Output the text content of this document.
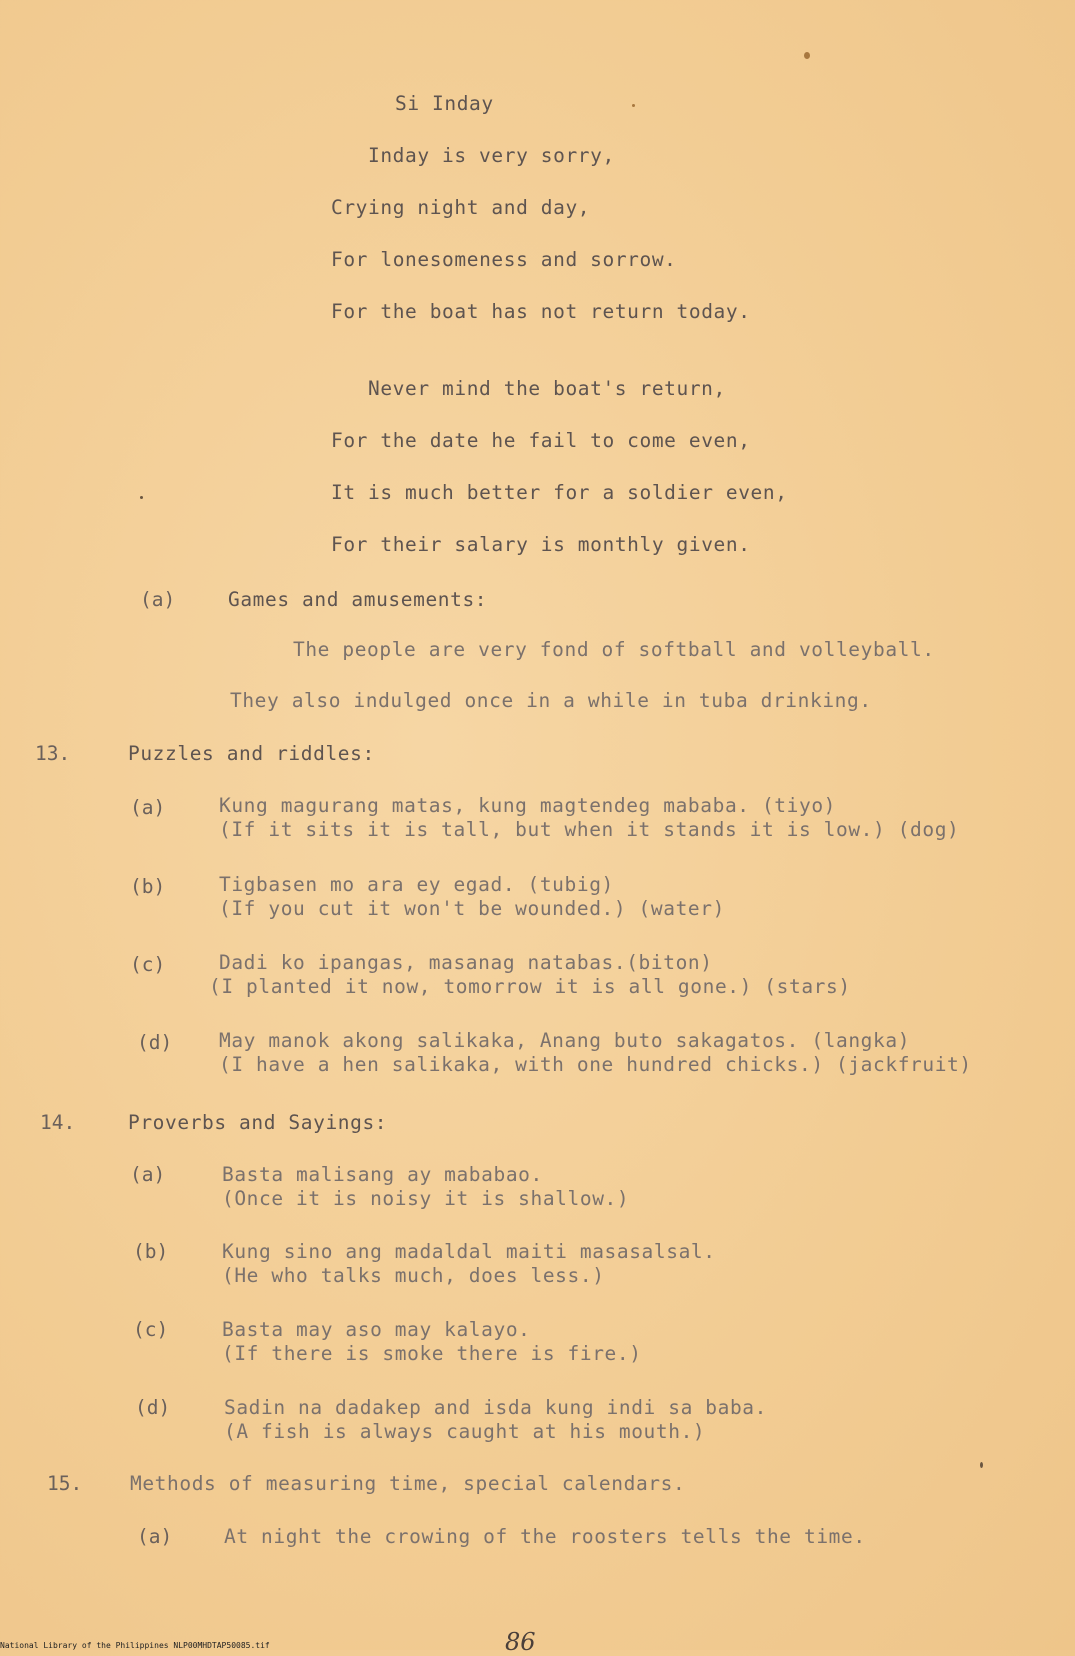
Si Inday
Inday is very sorry,
Crying night and day,
For lonesomeness and sorrow.
For the boat has not return today.
Never mind the boat's return,
For the date he fail to come even,
It is much better for a soldier even,
For their salary is monthly given.
(a)	Games and amusements:
The people are very fond of softball and volleyball.
They also indulged once in a while in tuba drinking.
13.	Puzzles and riddles:
(a)	Kung magurang matas, kung magtendeg mababa. (tiyo)
(If it sits it is tall, but when it stands it is low.) (dog)
(b)	Tigbasen mo ara ey egad. (tubig)
(If you cut it won't be wounded.) (water)
(c)	Dadi ko ipangas, masanag natabas.(biton)
(I planted it now, tomorrow it is all gone.) (stars)
(d) May manok akong salikaka, Anang buto sakagatos. (langka)
(I have a hen salikaka, with one hundred chicks.) (jackfruit)
14.	Proverbs and Sayings:
(a)	Basta malisang ay mababao.
(Once it is noisy it is shallow.)
(b)	Kung sino ang madaldal maiti masasalsal.
(He who talks much, does less.)
(c)	Basta may aso may kalayo.
(If there is smoke there is fire.)
(d)	Sadin na dadakep and isda kung indi sa baba.
(A fish is always caught at his mouth.)
15. Methods of measuring time, special calendars.
(a)	At night the crowing of the roosters tells the time.
86
National Library of the Philippines NLP00MHDTAP50085.tif
